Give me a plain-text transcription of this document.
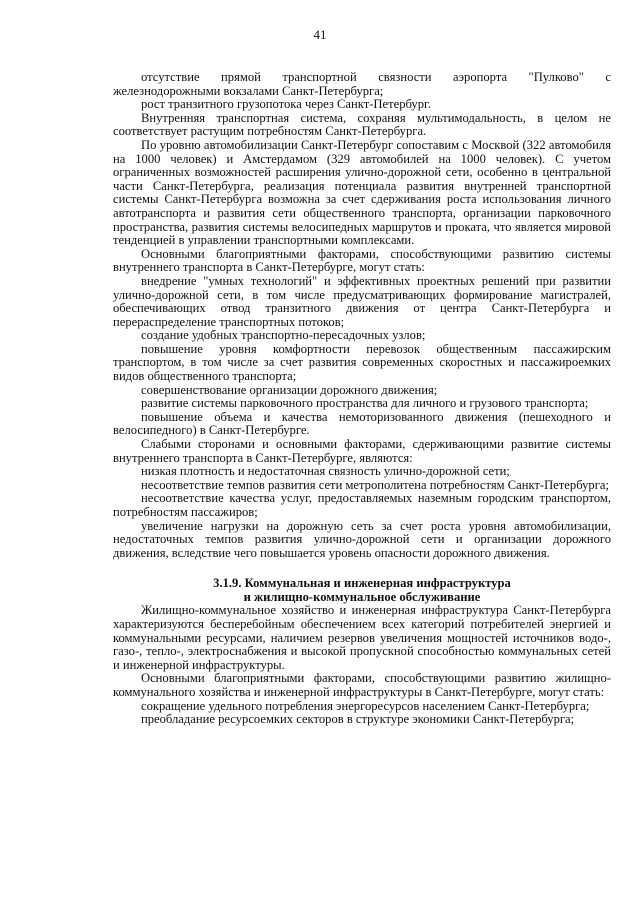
41

отсутствие прямой транспортной связности аэропорта "Пулково" с железнодорожными вокзалами Санкт-Петербурга;

рост транзитного грузопотока через Санкт-Петербург.

Внутренняя транспортная система, сохраняя мультимодальность, в целом не соответствует растущим потребностям Санкт-Петербурга.

По уровню автомобилизации Санкт-Петербург сопоставим с Москвой (322 автомобиля на 1000 человек) и Амстердамом (329 автомобилей на 1000 человек). С учетом ограниченных возможностей расширения улично-дорожной сети, особенно в центральной части Санкт-Петербурга, реализация потенциала развития внутренней транспортной системы Санкт-Петербурга возможна за счет сдерживания роста использования личного автотранспорта и развития сети общественного транспорта, организации парковочного пространства, развития системы велосипедных маршрутов и проката, что является мировой тенденцией в управлении транспортными комплексами.

Основными благоприятными факторами, способствующими развитию системы внутреннего транспорта в Санкт-Петербурге, могут стать:

внедрение "умных технологий" и эффективных проектных решений при развитии улично-дорожной сети, в том числе предусматривающих формирование магистралей, обеспечивающих отвод транзитного движения от центра Санкт-Петербурга и перераспределение транспортных потоков;

создание удобных транспортно-пересадочных узлов;

повышение уровня комфортности перевозок общественным пассажирским транспортом, в том числе за счет развития современных скоростных и пассажироемких видов общественного транспорта;

совершенствование организации дорожного движения;

развитие системы парковочного пространства для личного и грузового транспорта;

повышение объема и качества немоторизованного движения (пешеходного и велосипедного) в Санкт-Петербурге.

Слабыми сторонами и основными факторами, сдерживающими развитие системы внутреннего транспорта в Санкт-Петербурге, являются:

низкая плотность и недостаточная связность улично-дорожной сети;

несоответствие темпов развития сети метрополитена потребностям Санкт-Петербурга;

несоответствие качества услуг, предоставляемых наземным городским транспортом, потребностям пассажиров;

увеличение нагрузки на дорожную сеть за счет роста уровня автомобилизации, недостаточных темпов развития улично-дорожной сети и организации дорожного движения, вследствие чего повышается уровень опасности дорожного движения.

3.1.9. Коммунальная и инженерная инфраструктура

и жилищно-коммунальное обслуживание

Жилищно-коммунальное хозяйство и инженерная инфраструктура Санкт-Петербурга характеризуются бесперебойным обеспечением всех категорий потребителей энергией и коммунальными ресурсами, наличием резервов увеличения мощностей источников водо-, газо-, тепло-, электроснабжения и высокой пропускной способностью коммунальных сетей и инженерной инфраструктуры.

Основными благоприятными факторами, способствующими развитию жилищно-коммунального хозяйства и инженерной инфраструктуры в Санкт-Петербурге, могут стать:

сокращение удельного потребления энергоресурсов населением Санкт-Петербурга;

преобладание ресурсоемких секторов в структуре экономики Санкт-Петербурга;
